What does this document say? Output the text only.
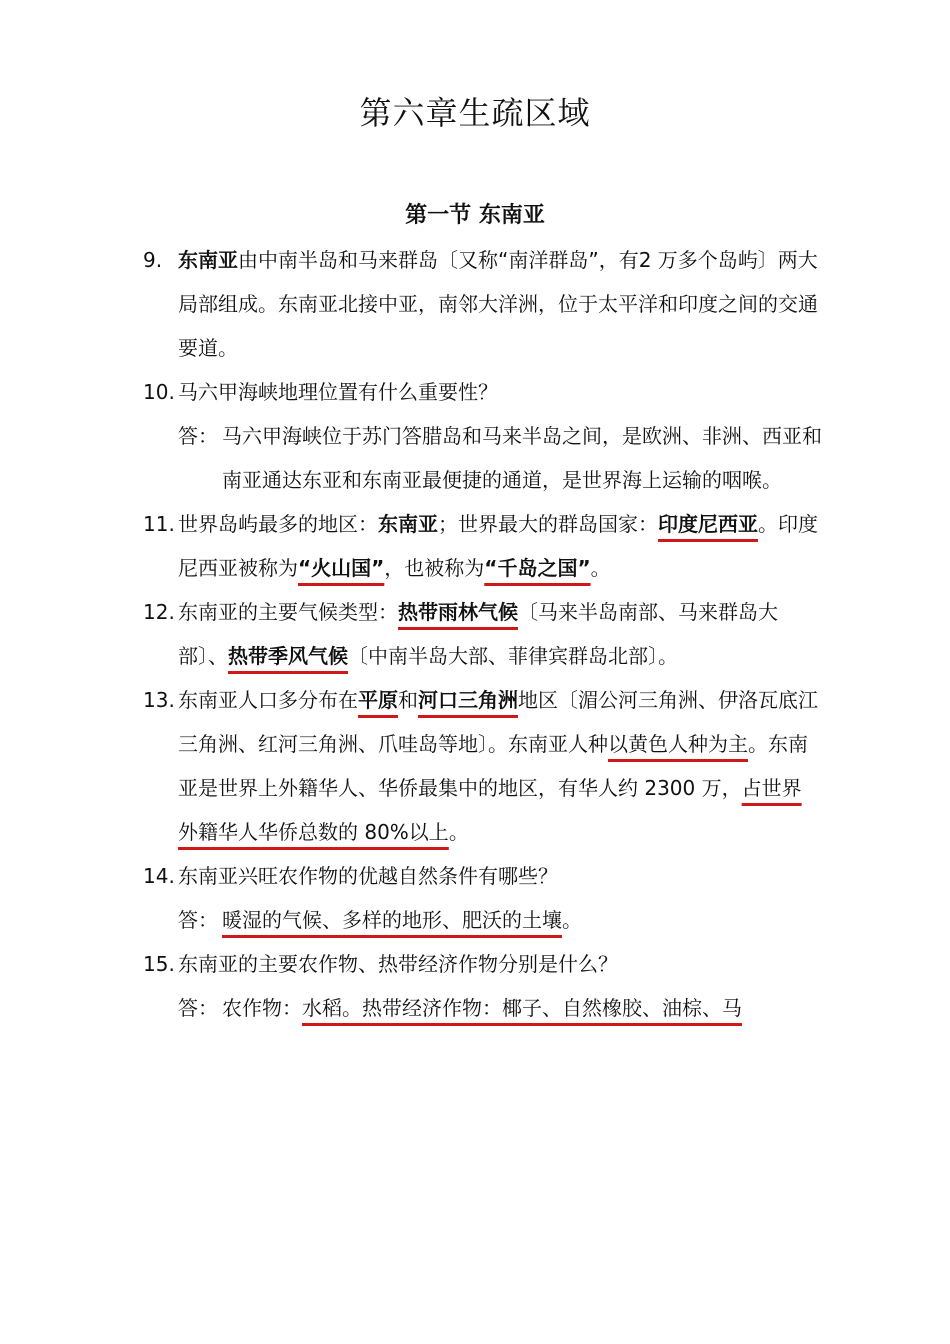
第六章生疏区域
第一节 东南亚
9. 东南亚由中南半岛和马来群岛〔又称“南洋群岛”，有2 万多个岛屿〕两大局部组成。东南亚北接中亚，南邻大洋洲，位于太平洋和印度之间的交通要道。
10. 马六甲海峡地理位置有什么重要性？
答： 马六甲海峡位于苏门答腊岛和马来半岛之间，是欧洲、非洲、西亚和南亚通达东亚和东南亚最便捷的通道，是世界海上运输的咽喉。
11. 世界岛屿最多的地区：东南亚；世界最大的群岛国家：印度尼西亚。印度尼西亚被称为“火山国”，也被称为“千岛之国”。
12. 东南亚的主要气候类型：热带雨林气候〔马来半岛南部、马来群岛大部〕、热带季风气候〔中南半岛大部、菲律宾群岛北部〕。
13. 东南亚人口多分布在平原和河口三角洲地区〔湄公河三角洲、伊洛瓦底江三角洲、红河三角洲、爪哇岛等地〕。东南亚人种以黄色人种为主。东南亚是世界上外籍华人、华侨最集中的地区，有华人约 2300 万，占世界外籍华人华侨总数的 80%以上。
14. 东南亚兴旺农作物的优越自然条件有哪些？
答： 暖湿的气候、多样的地形、肥沃的土壤。
15. 东南亚的主要农作物、热带经济作物分别是什么？
答： 农作物：水稻。热带经济作物：椰子、自然橡胶、油棕、马
